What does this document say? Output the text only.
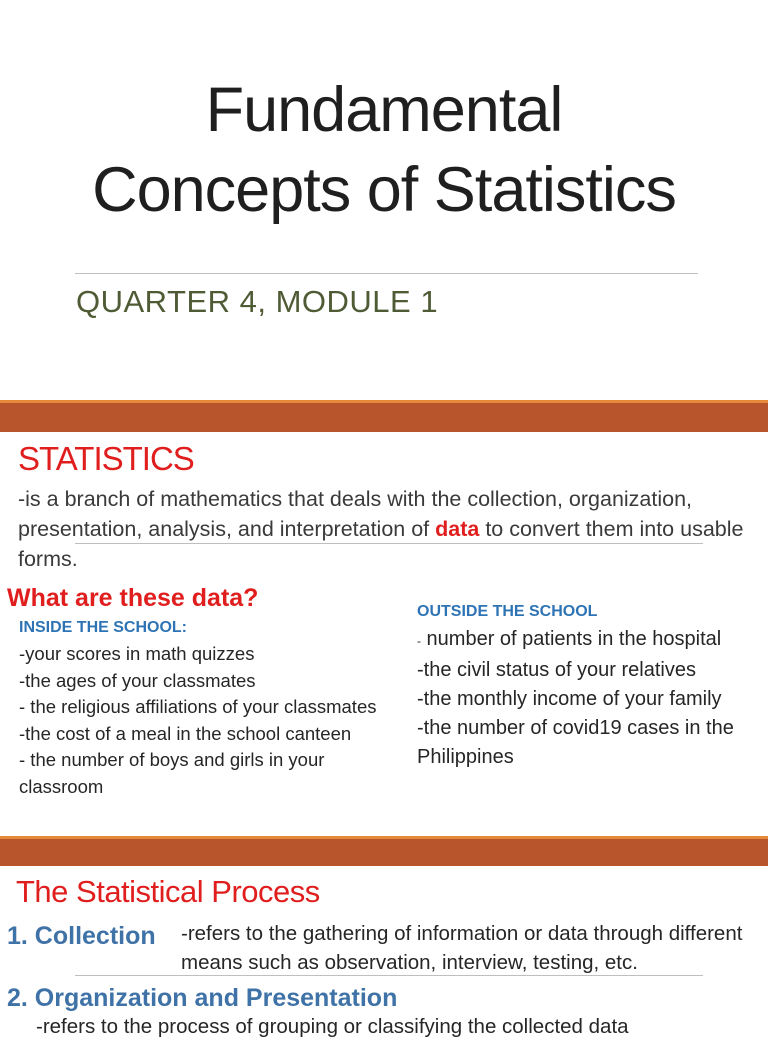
Fundamental
Concepts of Statistics
QUARTER 4, MODULE 1
STATISTICS
-is a branch of mathematics that deals with the collection, organization, presentation, analysis, and interpretation of data to convert them into usable forms.
What are these data?
INSIDE THE SCHOOL:

-your scores in math quizzes

-the ages of your classmates

- the religious affiliations of your classmates

-the cost of a meal in the school canteen

- the number of boys and girls in your classroom

OUTSIDE THE SCHOOL

- number of patients in the hospital

-the civil status of your relatives

-the monthly income of your family

-the number of covid19 cases in the Philippines

The Statistical Process
1. Collection -refers to the gathering of information or data through different means such as observation, interview, testing, etc.
2. Organization and Presentation
-refers to the process of grouping or classifying the collected data
